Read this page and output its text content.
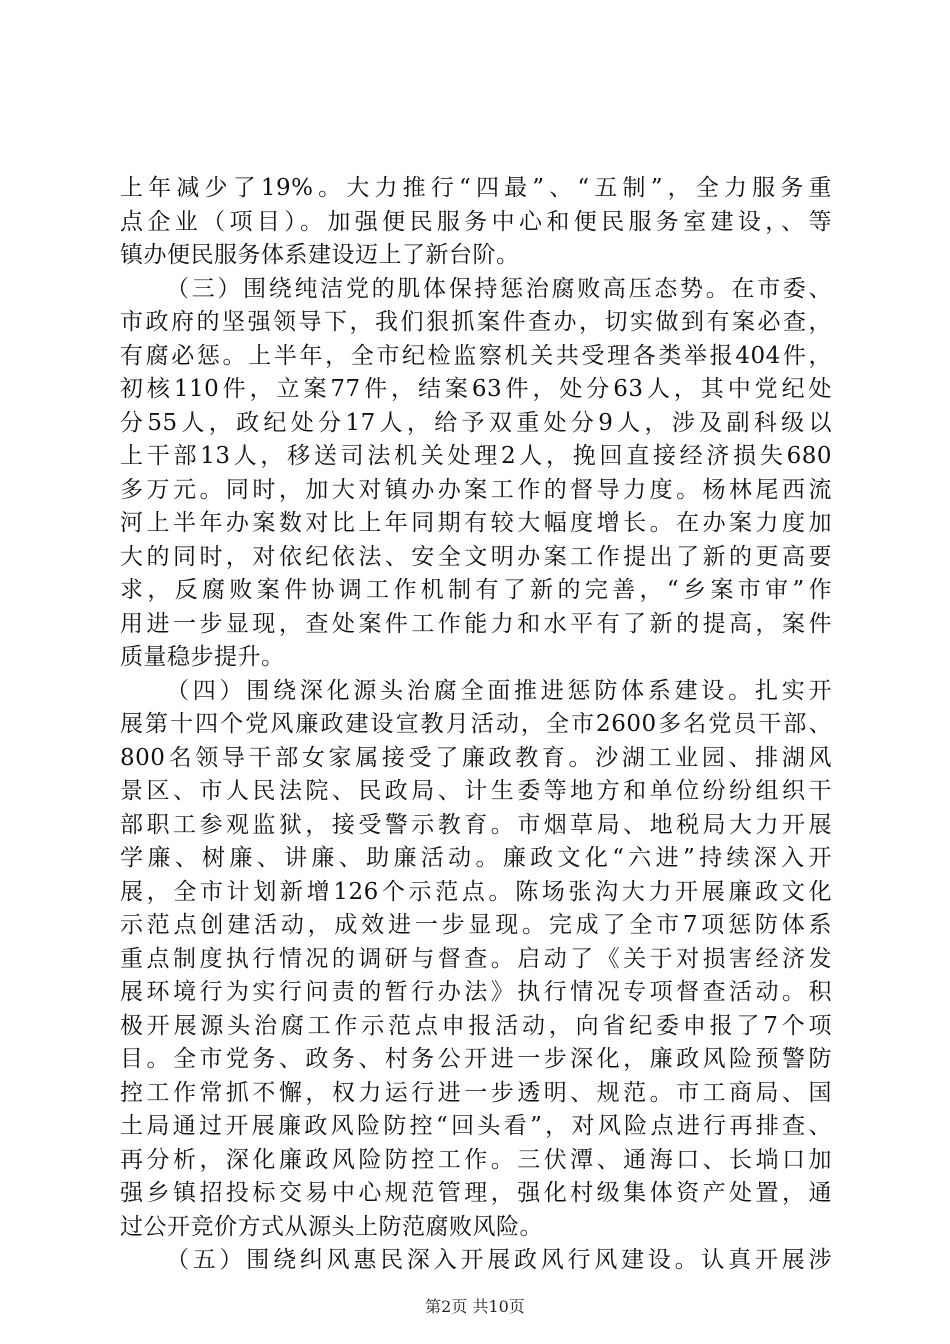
上年减少了19%。大力推行“四最”、“五制”，全力服务重
点企业（项目）。加强便民服务中心和便民服务室建设，、等
镇办便民服务体系建设迈上了新台阶。
（三）围绕纯洁党的肌体保持惩治腐败高压态势。在市委、
市政府的坚强领导下，我们狠抓案件查办，切实做到有案必查，
有腐必惩。上半年，全市纪检监察机关共受理各类举报404件，
初核110件，立案77件，结案63件，处分63人，其中党纪处
分55人，政纪处分17人，给予双重处分9人，涉及副科级以
上干部13人，移送司法机关处理2人，挽回直接经济损失680
多万元。同时，加大对镇办办案工作的督导力度。杨林尾西流
河上半年办案数对比上年同期有较大幅度增长。在办案力度加
大的同时，对依纪依法、安全文明办案工作提出了新的更高要
求，反腐败案件协调工作机制有了新的完善，“乡案市审”作
用进一步显现，查处案件工作能力和水平有了新的提高，案件
质量稳步提升。
（四）围绕深化源头治腐全面推进惩防体系建设。扎实开
展第十四个党风廉政建设宣教月活动，全市2600多名党员干部、
800名领导干部女家属接受了廉政教育。沙湖工业园、排湖风
景区、市人民法院、民政局、计生委等地方和单位纷纷组织干
部职工参观监狱，接受警示教育。市烟草局、地税局大力开展
学廉、树廉、讲廉、助廉活动。廉政文化“六进”持续深入开
展，全市计划新增126个示范点。陈场张沟大力开展廉政文化
示范点创建活动，成效进一步显现。完成了全市7项惩防体系
重点制度执行情况的调研与督查。启动了《关于对损害经济发
展环境行为实行问责的暂行办法》执行情况专项督查活动。积
极开展源头治腐工作示范点申报活动，向省纪委申报了7个项
目。全市党务、政务、村务公开进一步深化，廉政风险预警防
控工作常抓不懈，权力运行进一步透明、规范。市工商局、国
土局通过开展廉政风险防控“回头看”，对风险点进行再排查、
再分析，深化廉政风险防控工作。三伏潭、通海口、长埫口加
强乡镇招投标交易中心规范管理，强化村级集体资产处置，通
过公开竞价方式从源头上防范腐败风险。
（五）围绕纠风惠民深入开展政风行风建设。认真开展涉
第2页 共10页
